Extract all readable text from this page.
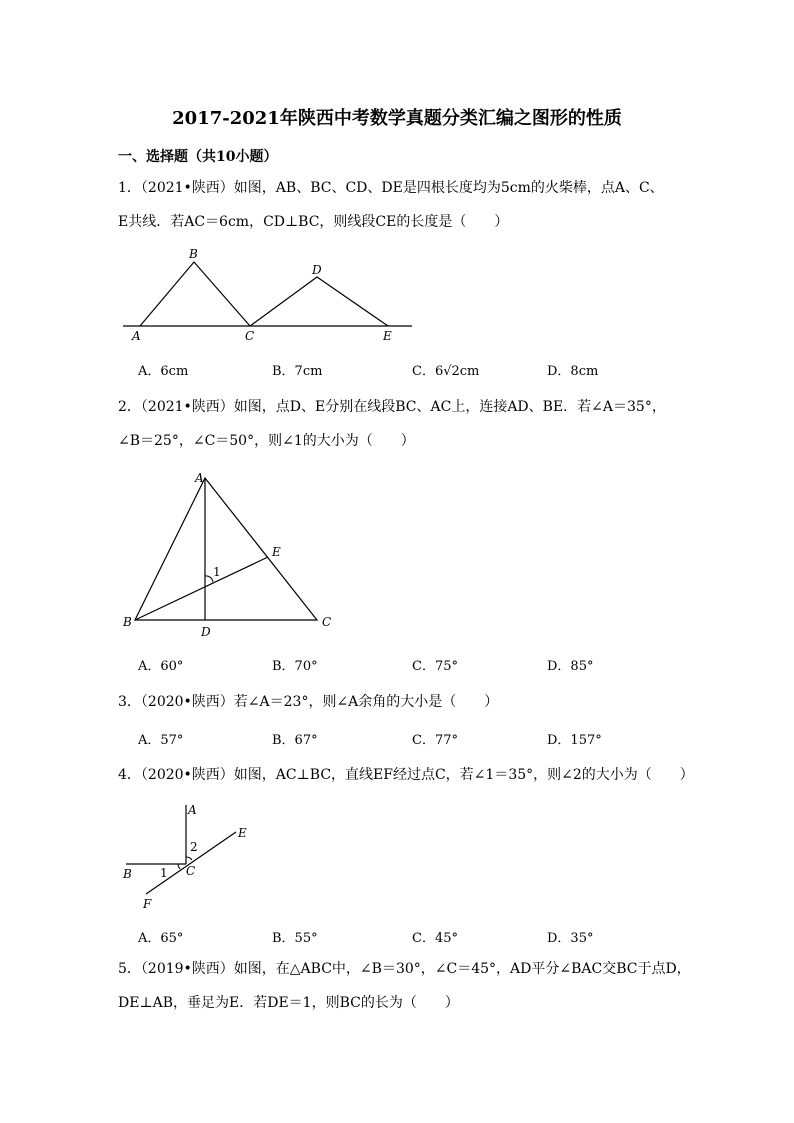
2017-2021年陕西中考数学真题分类汇编之图形的性质
一、选择题（共10小题）
1．（2021•陕西）如图，AB、BC、CD、DE是四根长度均为5cm的火柴棒，点A、C、
E共线．若AC＝6cm，CD⊥BC，则线段CE的长度是（　　）
A
B
C
D
E
A．6cm	B．7cm	C．6√2cm	D．8cm
2．（2021•陕西）如图，点D、E分别在线段BC、AC上，连接AD、BE．若∠A＝35°，
∠B＝25°，∠C＝50°，则∠1的大小为（　　）
A
B	C
D
E
1
A．60°	B．70°	C．75°	D．85°
3．（2020•陕西）若∠A＝23°，则∠A余角的大小是（　　）
A．57°	B．67°	C．77°	D．157°
4．（2020•陕西）如图，AC⊥BC，直线EF经过点C，若∠1＝35°，则∠2的大小为（　　）
A
B	C
E
F
1
2
A．65°	B．55°	C．45°	D．35°
5．（2019•陕西）如图，在△ABC中，∠B＝30°，∠C＝45°，AD平分∠BAC交BC于点D，
DE⊥AB，垂足为E．若DE＝1，则BC的长为（　　）
